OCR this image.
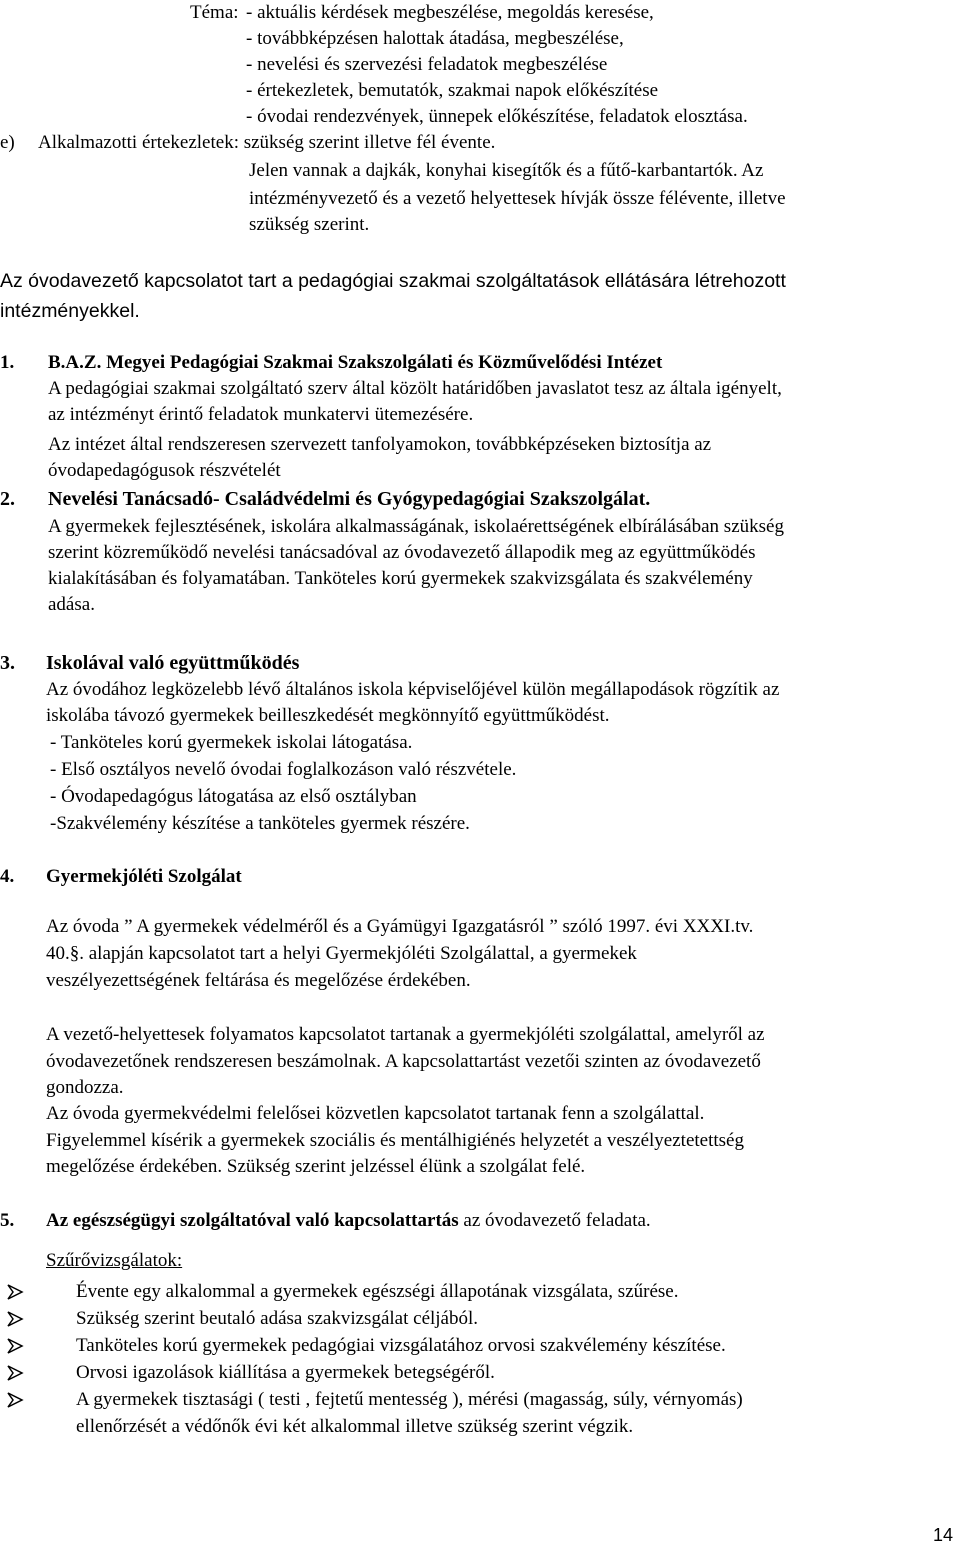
Téma: - aktuális kérdések megbeszélése, megoldás keresése,
- továbbképzésen halottak átadása, megbeszélése,
- nevelési és szervezési feladatok megbeszélése
- értekezletek, bemutatók, szakmai napok előkészítése
- óvodai rendezvények, ünnepek előkészítése, feladatok elosztása.
e) Alkalmazotti értekezletek: szükség szerint illetve fél évente.
Jelen vannak a dajkák, konyhai kisegítők és a fűtő-karbantartók. Az
intézményvezető és a vezető helyettesek hívják össze félévente, illetve
szükség szerint.
Az óvodavezető kapcsolatot tart a pedagógiai szakmai szolgáltatások ellátására létrehozott
intézményekkel.
1. B.A.Z. Megyei Pedagógiai Szakmai Szakszolgálati és Közművelődési Intézet
A pedagógiai szakmai szolgáltató szerv által közölt határidőben javaslatot tesz az általa igényelt,
az intézményt érintő feladatok munkatervi ütemezésére.
Az intézet által rendszeresen szervezett tanfolyamokon, továbbképzéseken biztosítja az
óvodapedagógusok részvételét
2. Nevelési Tanácsadó- Családvédelmi és Gyógypedagógiai Szakszolgálat.
A gyermekek fejlesztésének, iskolára alkalmasságának, iskolaérettségének elbírálásában szükség
szerint közreműködő nevelési tanácsadóval az óvodavezető állapodik meg az együttműködés
kialakításában és folyamatában. Tanköteles korú gyermekek szakvizsgálata és szakvélemény
adása.
3. Iskolával való együttműködés
Az óvodához legközelebb lévő általános iskola képviselőjével külön megállapodások rögzítik az
iskolába távozó gyermekek beilleszkedését megkönnyítő együttműködést.
- Tanköteles korú gyermekek iskolai látogatása.
- Első osztályos nevelő óvodai foglalkozáson való részvétele.
- Óvodapedagógus látogatása az első osztályban
-Szakvélemény készítése a tanköteles gyermek részére.
4. Gyermekjóléti Szolgálat
Az óvoda ” A gyermekek védelméről és a Gyámügyi Igazgatásról ” szóló 1997. évi XXXI.tv.
40.§. alapján kapcsolatot tart a helyi Gyermekjóléti Szolgálattal, a gyermekek
veszélyezettségének feltárása és megelőzése érdekében.
A vezető-helyettesek folyamatos kapcsolatot tartanak a gyermekjóléti szolgálattal, amelyről az
óvodavezetőnek rendszeresen beszámolnak. A kapcsolattartást vezetői szinten az óvodavezető
gondozza.
Az óvoda gyermekvédelmi felelősei közvetlen kapcsolatot tartanak fenn a szolgálattal.
Figyelemmel kísérik a gyermekek szociális és mentálhigiénés helyzetét a veszélyeztetettség
megelőzése érdekében. Szükség szerint jelzéssel élünk a szolgálat felé.
5. Az egészségügyi szolgáltatóval való kapcsolattartás az óvodavezető feladata.
Szűrővizsgálatok:
Évente egy alkalommal a gyermekek egészségi állapotának vizsgálata, szűrése.
Szükség szerint beutaló adása szakvizsgálat céljából.
Tanköteles korú gyermekek pedagógiai vizsgálatához orvosi szakvélemény készítése.
Orvosi igazolások kiállítása a gyermekek betegségéről.
A gyermekek tisztasági ( testi , fejtetű mentesség ), mérési (magasság, súly, vérnyomás)
ellenőrzését a védőnők évi két alkalommal illetve szükség szerint végzik.
14
